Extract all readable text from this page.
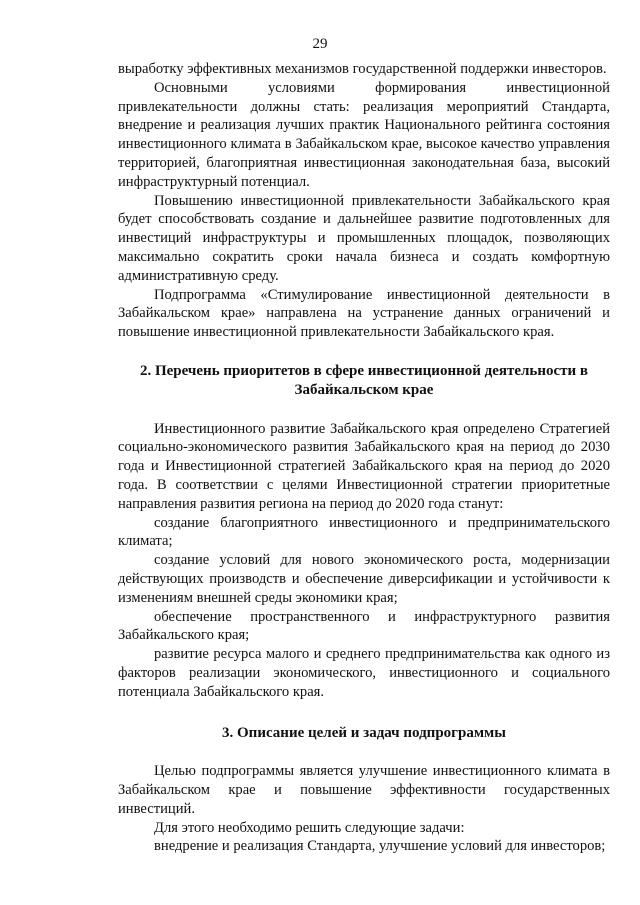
29

выработку эффективных механизмов государственной поддержки инвесторов.

Основными условиями формирования инвестиционной привлекательности должны стать: реализация мероприятий Стандарта, внедрение и реализация лучших практик Национального рейтинга состояния инвестиционного климата в Забайкальском крае, высокое качество управления территорией, благоприятная инвестиционная законодательная база, высокий инфраструктурный потенциал.

Повышению инвестиционной привлекательности Забайкальского края будет способствовать создание и дальнейшее развитие подготовленных для инвестиций инфраструктуры и промышленных площадок, позволяющих максимально сократить сроки начала бизнеса и создать комфортную административную среду.

Подпрограмма «Стимулирование инвестиционной деятельности в Забайкальском крае» направлена на устранение данных ограничений и повышение инвестиционной привлекательности Забайкальского края.

2. Перечень приоритетов в сфере инвестиционной деятельности в Забайкальском крае

Инвестиционного развитие Забайкальского края определено Стратегией социально-экономического развития Забайкальского края на период до 2030 года и Инвестиционной стратегией Забайкальского края на период до 2020 года. В соответствии с целями Инвестиционной стратегии приоритетные направления развития региона на период до 2020 года станут:

создание благоприятного инвестиционного и предпринимательского климата;

создание условий для нового экономического роста, модернизации действующих производств и обеспечение диверсификации и устойчивости к изменениям внешней среды экономики края;

обеспечение пространственного и инфраструктурного развития Забайкальского края;

развитие ресурса малого и среднего предпринимательства как одного из факторов реализации экономического, инвестиционного и социального потенциала Забайкальского края.

3. Описание целей и задач подпрограммы

Целью подпрограммы является улучшение инвестиционного климата в Забайкальском крае и повышение эффективности государственных инвестиций.

Для этого необходимо решить следующие задачи:

внедрение и реализация Стандарта, улучшение условий для инвесторов;
